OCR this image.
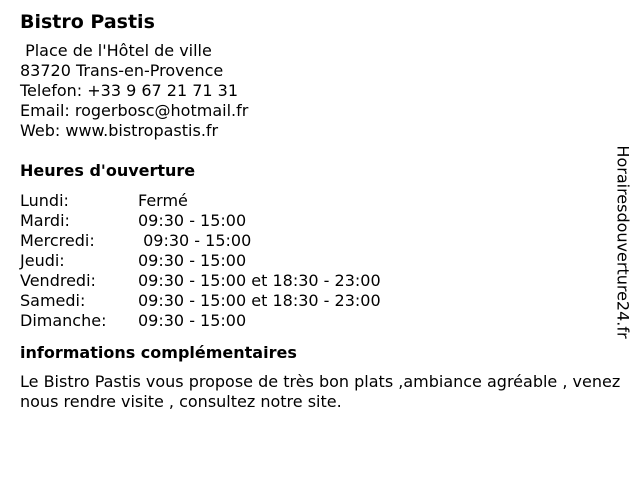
Bistro Pastis
Place de l'Hôtel de ville
83720 Trans-en-Provence
Telefon: +33 9 67 21 71 31
Email: rogerbosc@hotmail.fr
Web: www.bistropastis.fr
Heures d'ouverture
Lundi:	Fermé
Mardi:	09:30 - 15:00
Mercredi:	09:30 - 15:00
Jeudi:	09:30 - 15:00
Vendredi:	09:30 - 15:00 et 18:30 - 23:00
Samedi:	09:30 - 15:00 et 18:30 - 23:00
Dimanche:	09:30 - 15:00
informations complémentaires
Le Bistro Pastis vous propose de très bon plats ,ambiance agréable , venez nous rendre visite , consultez notre site.
Horairesdouverture24.fr
